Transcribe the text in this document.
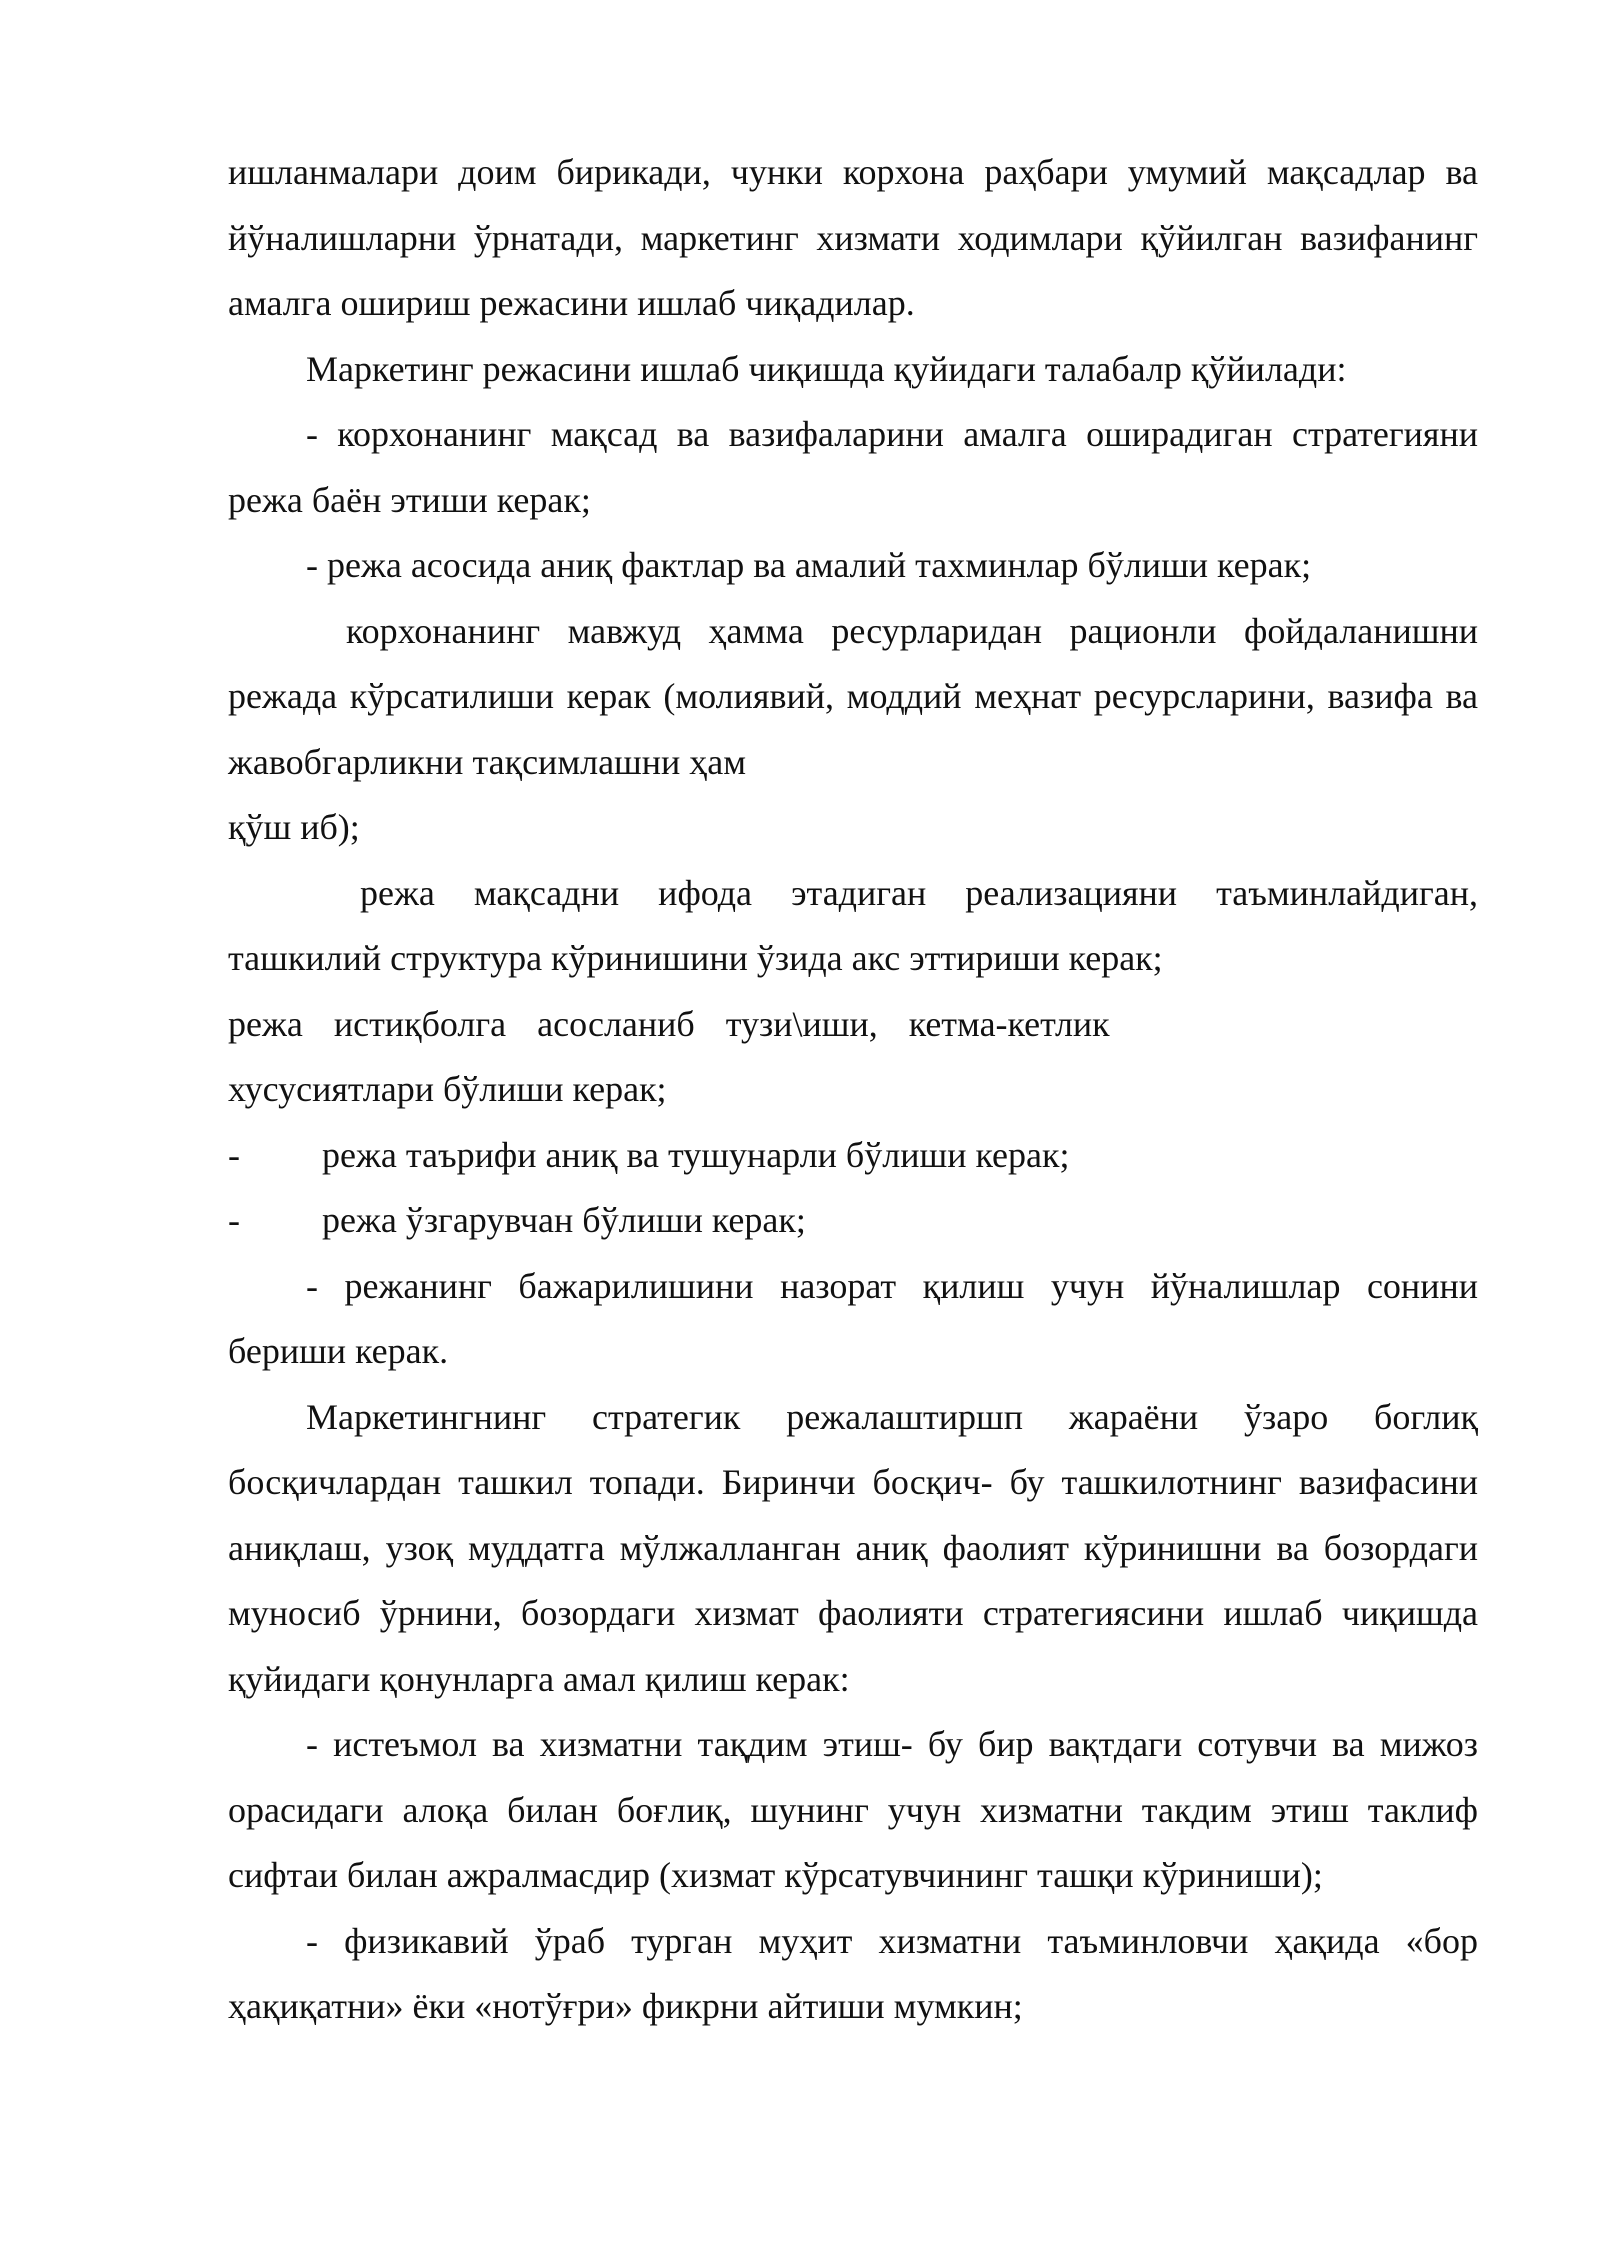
ишланмалари доим бирикади, чунки корхона раҳбари умумий мақсадлар ва йўналишларни ўрнатади, маркетинг хизмати ходимлари қўйилган вазифанинг амалга ошириш режасини ишлаб чиқадилар.

Маркетинг режасини ишлаб чиқишда қуйидаги талабалр қўйилади:

- корхонанинг мақсад ва вазифаларини амалга оширадиган стратегияни режа баён этиши керак;

- режа асосида аниқ фактлар ва амалий тахминлар бўлиши керак;

корхонанинг мавжуд ҳамма ресурларидан рационли фойдаланишни режада кўрсатилиши керак (молиявий, моддий меҳнат ресурсларини, вазифа ва жавобгарликни тақсимлашни ҳам

қўш иб);

режа мақсадни ифода этадиган реализацияни таъминлайдиган, ташкилий структура кўринишини ўзида акс эттириши керак;

режа истиқболга асосланиб тузи\иши, кетма-кетлик

хусусиятлари бўлиши керак;

- режа таърифи аниқ ва тушунарли бўлиши керак;

- режа ўзгарувчан бўлиши керак;

- режанинг бажарилишини назорат қилиш учун йўналишлар сонини бериши керак.

Маркетингнинг стратегик режалаштиршп жараёни ўзаро боглиқ босқичлардан ташкил топади. Биринчи босқич- бу ташкилотнинг вазифасини аниқлаш, узоқ муддатга мўлжалланган аниқ фаолият кўринишни ва бозордаги муносиб ўрнини, бозордаги хизмат фаолияти стратегиясини ишлаб чиқишда қуйидаги қонунларга амал қилиш керак:

- истеъмол ва хизматни тақдим этиш- бу бир вақтдаги сотувчи ва мижоз орасидаги алоқа билан боғлиқ, шунинг учун хизматни такдим этиш таклиф сифтаи билан ажралмасдир (хизмат кўрсатувчининг ташқи кўриниши);

- физикавий ўраб турган муҳит хизматни таъминловчи ҳақида «бор ҳақиқатни» ёки «нотўғри» фикрни айтиши мумкин;
